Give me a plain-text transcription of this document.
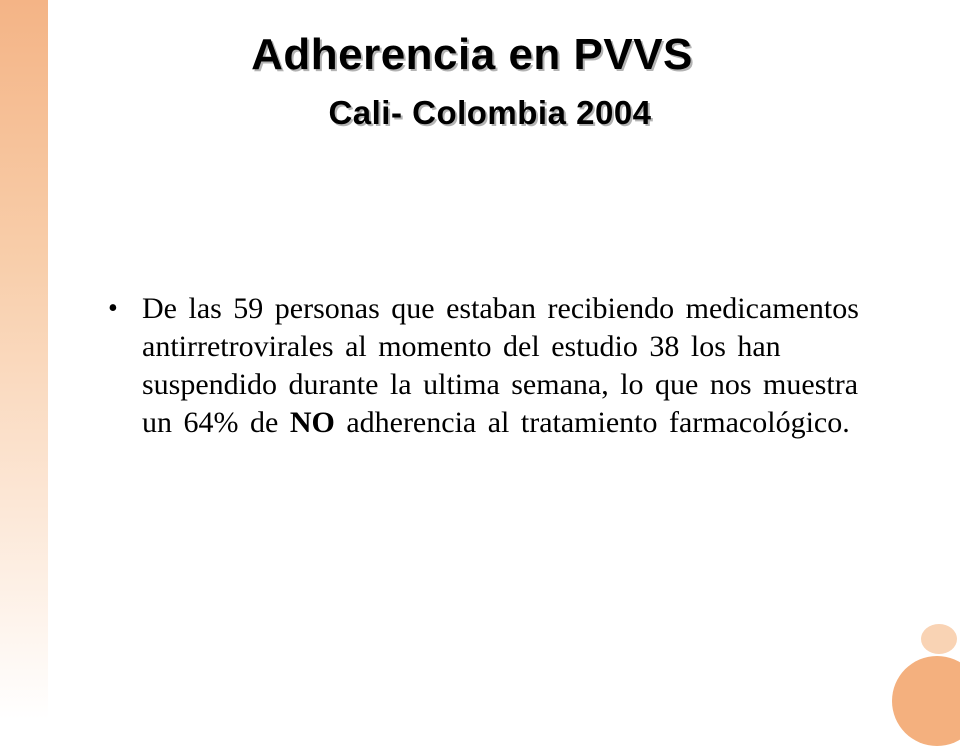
Adherencia en PVVS
Cali- Colombia 2004
• De las 59 personas que estaban recibiendo medicamentos antirretrovirales al momento del estudio 38 los han suspendido durante la ultima semana, lo que nos muestra un 64% de NO adherencia al tratamiento farmacológico.
